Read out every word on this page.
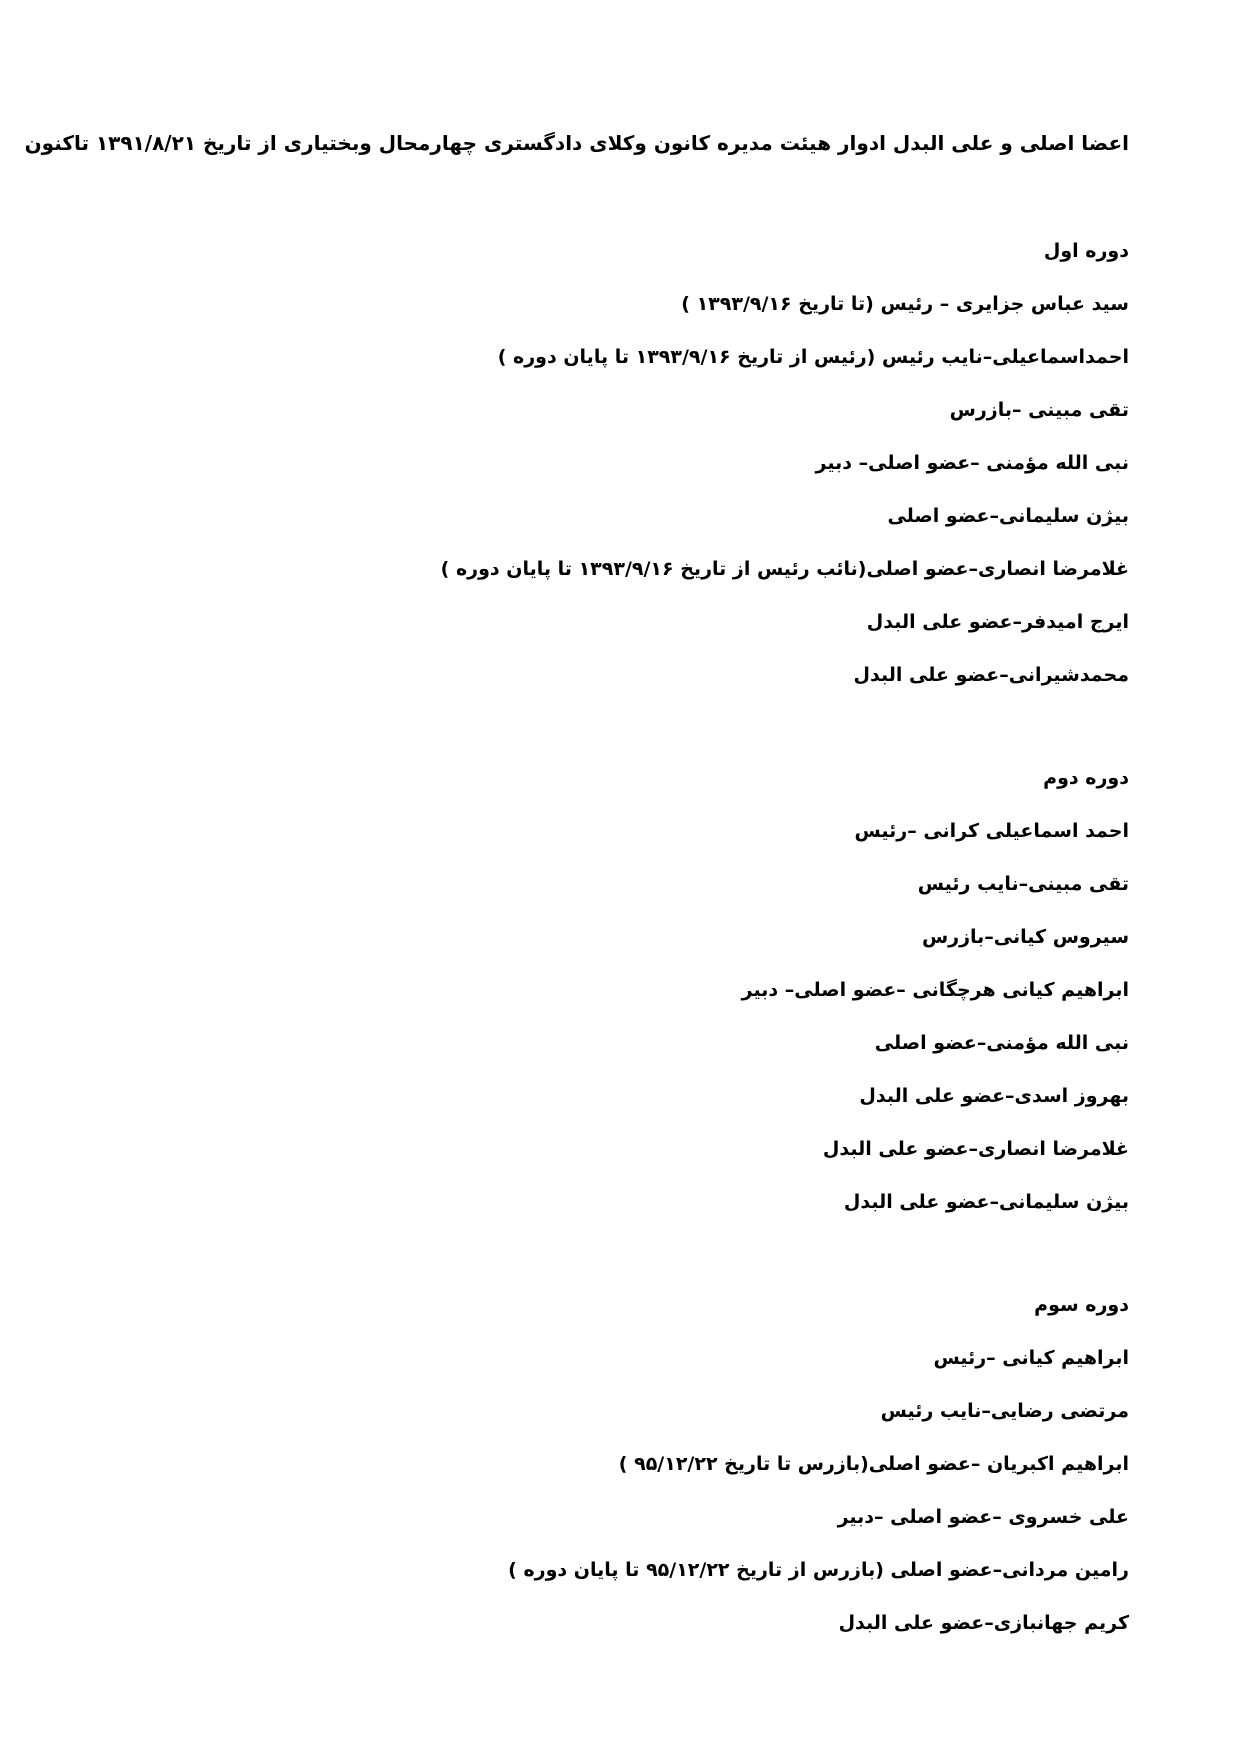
اعضا اصلی و علی البدل ادوار هیئت مدیره کانون وکلای دادگستری چهارمحال وبختیاری از تاریخ ۱۳۹۱/۸/۲۱ تاکنون
دوره اول
سید عباس جزایری – رئیس (تا تاریخ ۱۳۹۳/۹/۱۶ )
احمداسماعیلی–نایب رئیس (رئیس از تاریخ ۱۳۹۳/۹/۱۶ تا پایان دوره )
تقی مبینی –بازرس
نبی الله مؤمنی –عضو اصلی– دبیر
بیژن سلیمانی–عضو اصلی
غلامرضا انصاری–عضو اصلی(نائب رئیس از تاریخ ۱۳۹۳/۹/۱۶ تا پایان دوره )
ایرج امیدفر–عضو علی البدل
محمدشیرانی–عضو علی البدل
دوره دوم
احمد اسماعیلی کرانی –رئیس
تقی مبینی–نایب رئیس
سیروس کیانی–بازرس
ابراهیم کیانی هرچگانی –عضو اصلی– دبیر
نبی الله مؤمنی–عضو اصلی
بهروز اسدی–عضو علی البدل
غلامرضا انصاری–عضو علی البدل
بیژن سلیمانی–عضو علی البدل
دوره سوم
ابراهیم کیانی –رئیس
مرتضی رضایی–نایب رئیس
ابراهیم اکبریان –عضو اصلی(بازرس تا تاریخ ۹۵/۱۲/۲۲ )
علی خسروی –عضو اصلی –دبیر
رامین مردانی–عضو اصلی (بازرس از تاریخ ۹۵/۱۲/۲۲ تا پایان دوره )
کریم جهانبازی–عضو علی البدل
